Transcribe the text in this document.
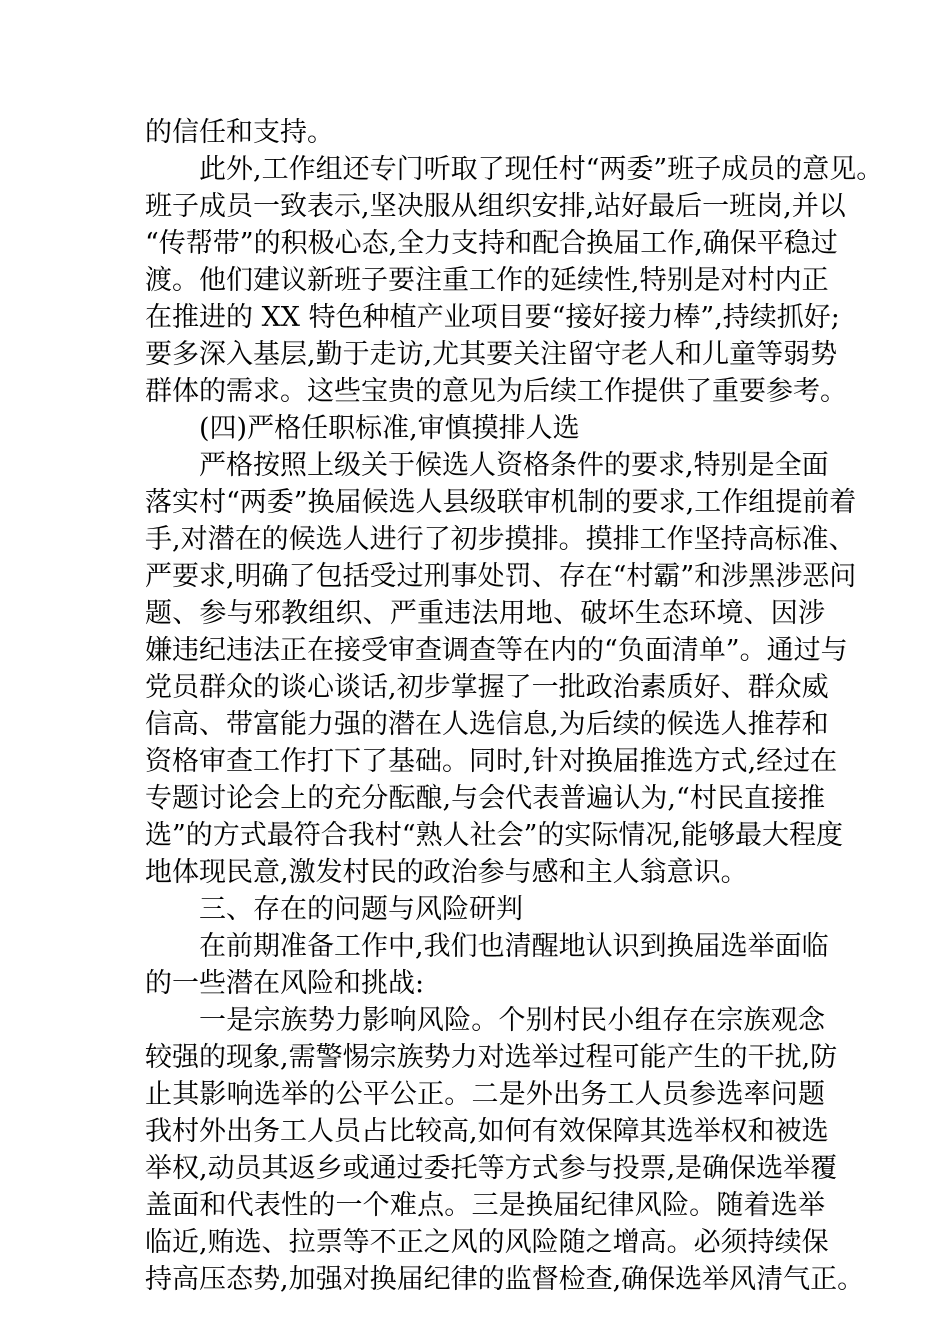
的信任和支持。
此外,工作组还专门听取了现任村“两委”班子成员的意见。
班子成员一致表示,坚决服从组织安排,站好最后一班岗,并以
“传帮带”的积极心态,全力支持和配合换届工作,确保平稳过
渡。他们建议新班子要注重工作的延续性,特别是对村内正
在推进的 XX 特色种植产业项目要“接好接力棒”,持续抓好;
要多深入基层,勤于走访,尤其要关注留守老人和儿童等弱势
群体的需求。这些宝贵的意见为后续工作提供了重要参考。
(四)严格任职标准,审慎摸排人选
严格按照上级关于候选人资格条件的要求,特别是全面
落实村“两委”换届候选人县级联审机制的要求,工作组提前着
手,对潜在的候选人进行了初步摸排。摸排工作坚持高标准、
严要求,明确了包括受过刑事处罚、存在“村霸”和涉黑涉恶问
题、参与邪教组织、严重违法用地、破坏生态环境、因涉
嫌违纪违法正在接受审查调查等在内的“负面清单”。通过与
党员群众的谈心谈话,初步掌握了一批政治素质好、群众威
信高、带富能力强的潜在人选信息,为后续的候选人推荐和
资格审查工作打下了基础。同时,针对换届推选方式,经过在
专题讨论会上的充分酝酿,与会代表普遍认为,“村民直接推
选”的方式最符合我村“熟人社会”的实际情况,能够最大程度
地体现民意,激发村民的政治参与感和主人翁意识。
三、存在的问题与风险研判
在前期准备工作中,我们也清醒地认识到换届选举面临
的一些潜在风险和挑战:
一是宗族势力影响风险。个别村民小组存在宗族观念
较强的现象,需警惕宗族势力对选举过程可能产生的干扰,防
止其影响选举的公平公正。二是外出务工人员参选率问题
我村外出务工人员占比较高,如何有效保障其选举权和被选
举权,动员其返乡或通过委托等方式参与投票,是确保选举覆
盖面和代表性的一个难点。三是换届纪律风险。随着选举
临近,贿选、拉票等不正之风的风险随之增高。必须持续保
持高压态势,加强对换届纪律的监督检查,确保选举风清气正。
